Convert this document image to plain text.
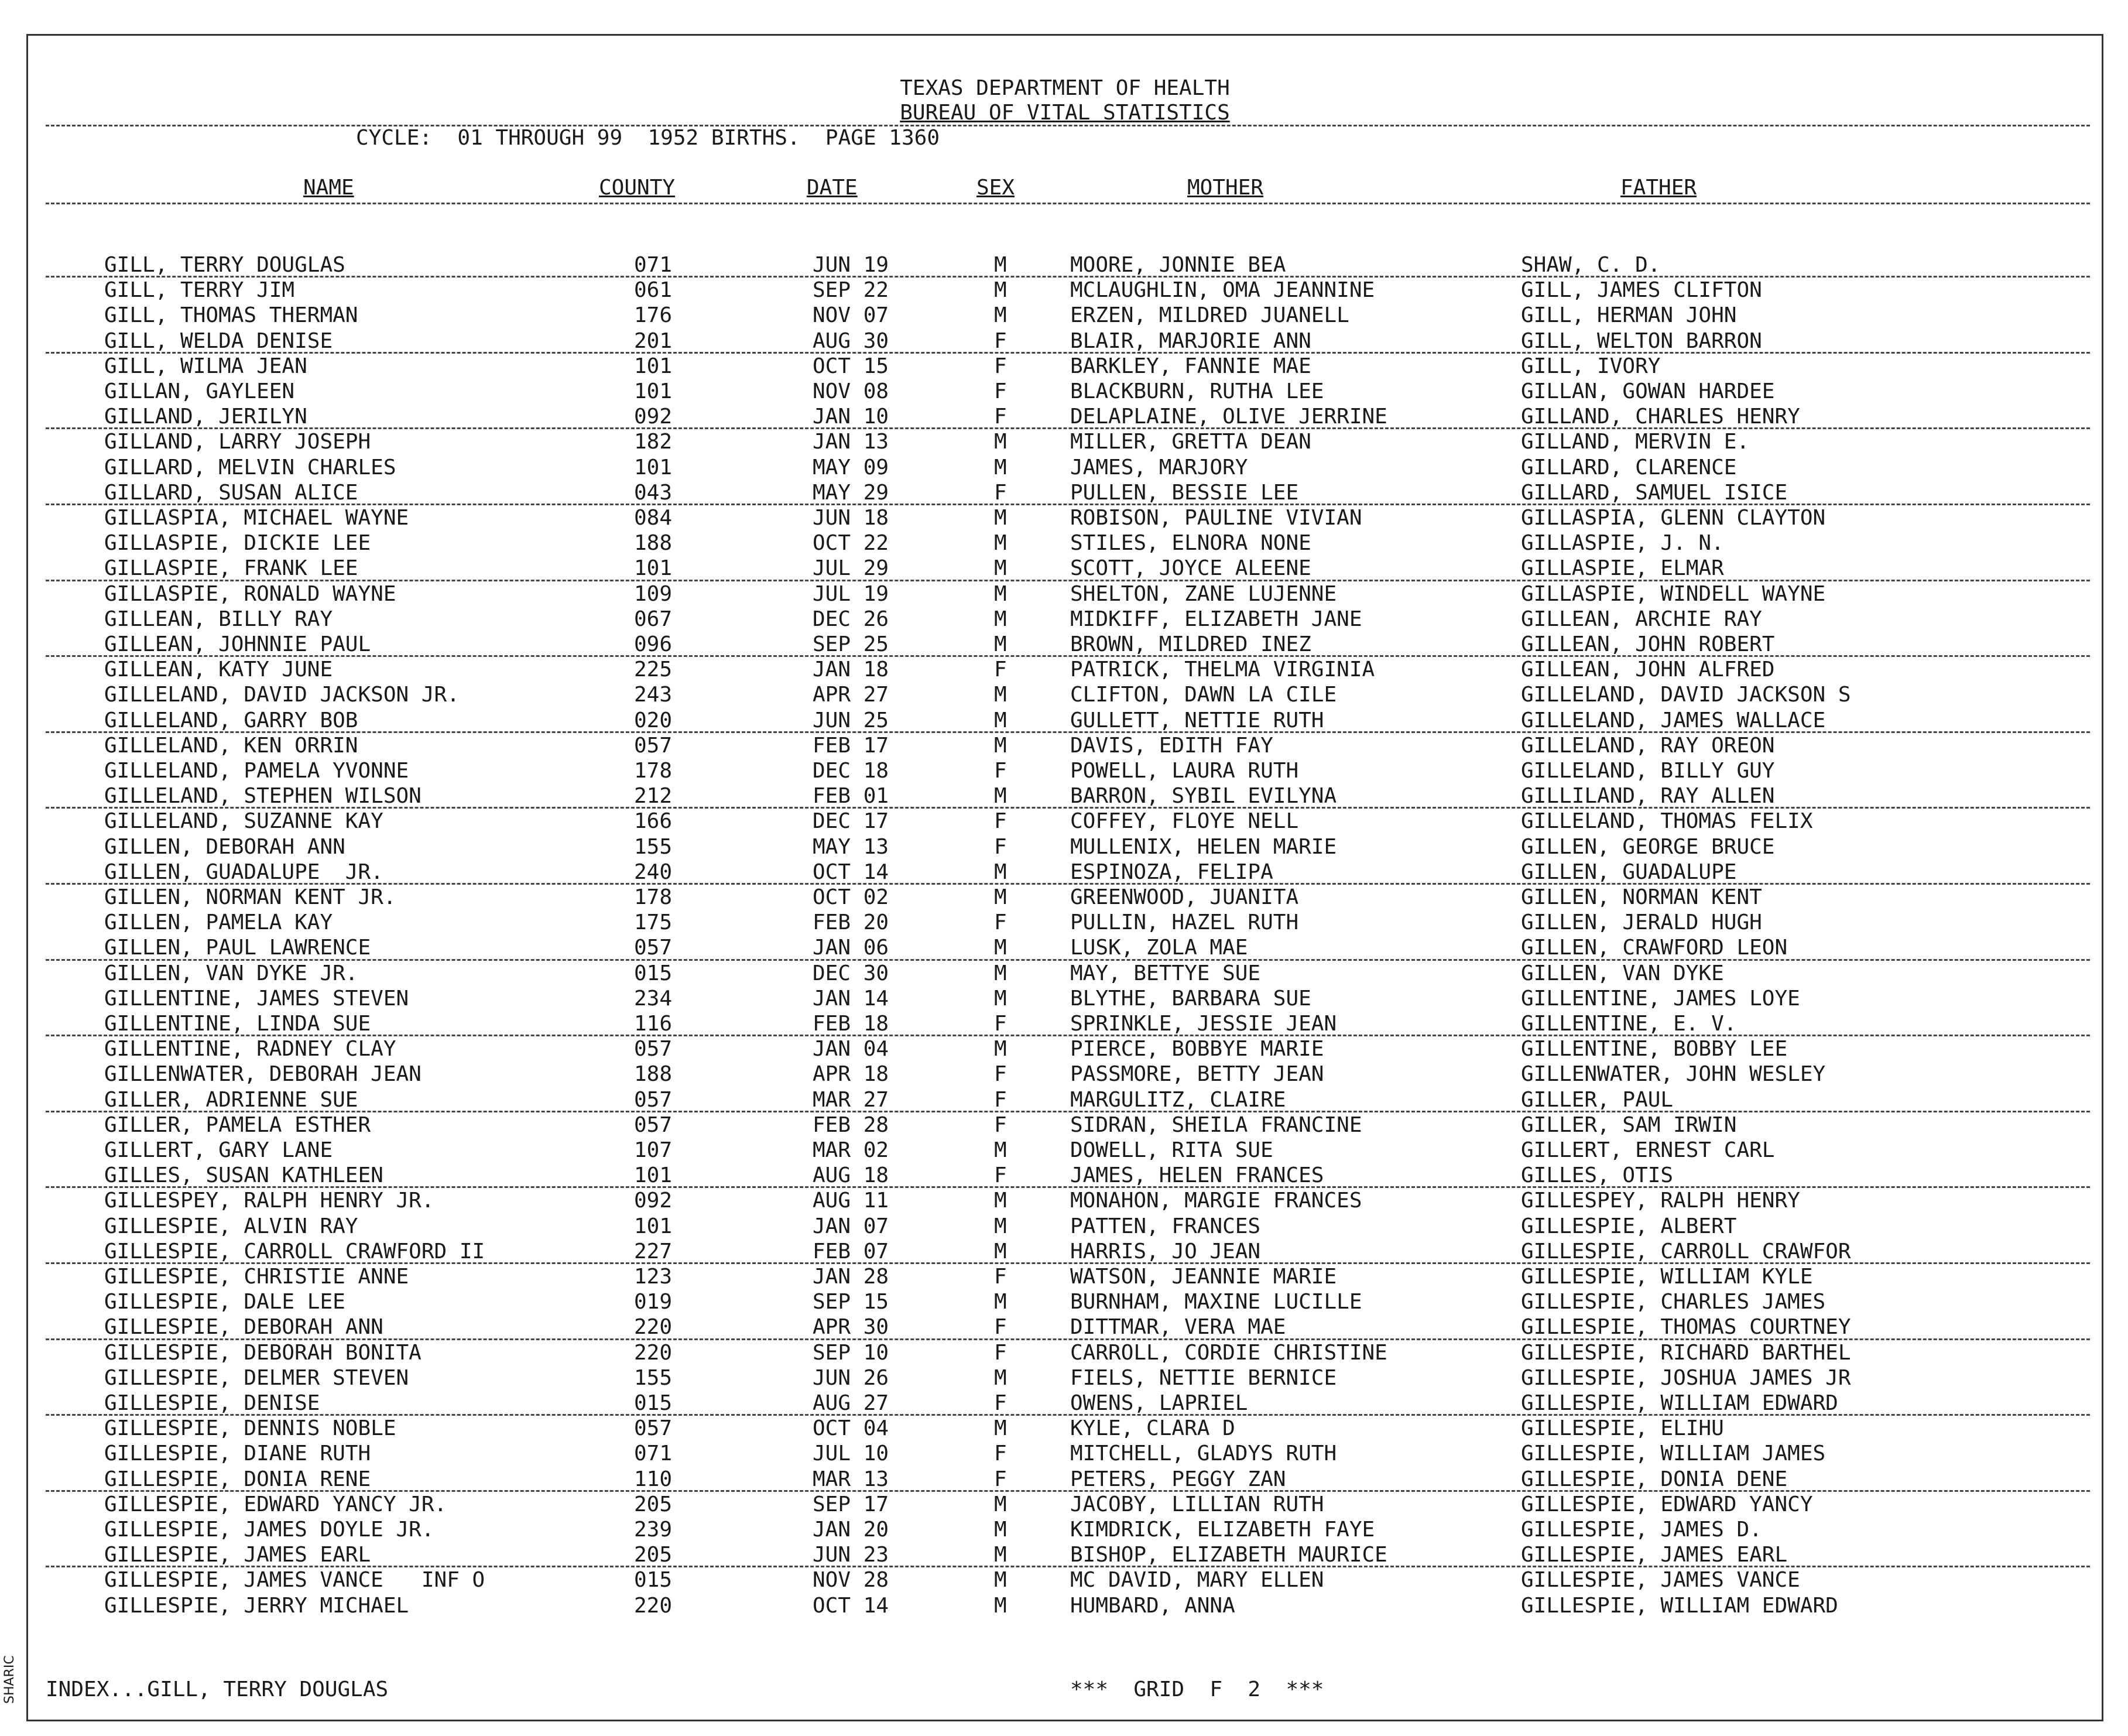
TEXAS DEPARTMENT OF HEALTH
BUREAU OF VITAL STATISTICS
CYCLE:  01 THROUGH 99  1952 BIRTHS.  PAGE 1360
NAME	COUNTY	DATE	SEX	MOTHER	FATHER
GILL, TERRY DOUGLAS	071	JUN 19	M	MOORE, JONNIE BEA	SHAW, C. D.
GILL, TERRY JIM	061	SEP 22	M	MCLAUGHLIN, OMA JEANNINE	GILL, JAMES CLIFTON
GILL, THOMAS THERMAN	176	NOV 07	M	ERZEN, MILDRED JUANELL	GILL, HERMAN JOHN
GILL, WELDA DENISE	201	AUG 30	F	BLAIR, MARJORIE ANN	GILL, WELTON BARRON
GILL, WILMA JEAN	101	OCT 15	F	BARKLEY, FANNIE MAE	GILL, IVORY
GILLAN, GAYLEEN	101	NOV 08	F	BLACKBURN, RUTHA LEE	GILLAN, GOWAN HARDEE
GILLAND, JERILYN	092	JAN 10	F	DELAPLAINE, OLIVE JERRINE	GILLAND, CHARLES HENRY
GILLAND, LARRY JOSEPH	182	JAN 13	M	MILLER, GRETTA DEAN	GILLAND, MERVIN E.
GILLARD, MELVIN CHARLES	101	MAY 09	M	JAMES, MARJORY	GILLARD, CLARENCE
GILLARD, SUSAN ALICE	043	MAY 29	F	PULLEN, BESSIE LEE	GILLARD, SAMUEL ISICE
GILLASPIA, MICHAEL WAYNE	084	JUN 18	M	ROBISON, PAULINE VIVIAN	GILLASPIA, GLENN CLAYTON
GILLASPIE, DICKIE LEE	188	OCT 22	M	STILES, ELNORA NONE	GILLASPIE, J. N.
GILLASPIE, FRANK LEE	101	JUL 29	M	SCOTT, JOYCE ALEENE	GILLASPIE, ELMAR
GILLASPIE, RONALD WAYNE	109	JUL 19	M	SHELTON, ZANE LUJENNE	GILLASPIE, WINDELL WAYNE
GILLEAN, BILLY RAY	067	DEC 26	M	MIDKIFF, ELIZABETH JANE	GILLEAN, ARCHIE RAY
GILLEAN, JOHNNIE PAUL	096	SEP 25	M	BROWN, MILDRED INEZ	GILLEAN, JOHN ROBERT
GILLEAN, KATY JUNE	225	JAN 18	F	PATRICK, THELMA VIRGINIA	GILLEAN, JOHN ALFRED
GILLELAND, DAVID JACKSON JR.	243	APR 27	M	CLIFTON, DAWN LA CILE	GILLELAND, DAVID JACKSON S
GILLELAND, GARRY BOB	020	JUN 25	M	GULLETT, NETTIE RUTH	GILLELAND, JAMES WALLACE
GILLELAND, KEN ORRIN	057	FEB 17	M	DAVIS, EDITH FAY	GILLELAND, RAY OREON
GILLELAND, PAMELA YVONNE	178	DEC 18	F	POWELL, LAURA RUTH	GILLELAND, BILLY GUY
GILLELAND, STEPHEN WILSON	212	FEB 01	M	BARRON, SYBIL EVILYNA	GILLILAND, RAY ALLEN
GILLELAND, SUZANNE KAY	166	DEC 17	F	COFFEY, FLOYE NELL	GILLELAND, THOMAS FELIX
GILLEN, DEBORAH ANN	155	MAY 13	F	MULLENIX, HELEN MARIE	GILLEN, GEORGE BRUCE
GILLEN, GUADALUPE  JR.	240	OCT 14	M	ESPINOZA, FELIPA	GILLEN, GUADALUPE
GILLEN, NORMAN KENT JR.	178	OCT 02	M	GREENWOOD, JUANITA	GILLEN, NORMAN KENT
GILLEN, PAMELA KAY	175	FEB 20	F	PULLIN, HAZEL RUTH	GILLEN, JERALD HUGH
GILLEN, PAUL LAWRENCE	057	JAN 06	M	LUSK, ZOLA MAE	GILLEN, CRAWFORD LEON
GILLEN, VAN DYKE JR.	015	DEC 30	M	MAY, BETTYE SUE	GILLEN, VAN DYKE
GILLENTINE, JAMES STEVEN	234	JAN 14	M	BLYTHE, BARBARA SUE	GILLENTINE, JAMES LOYE
GILLENTINE, LINDA SUE	116	FEB 18	F	SPRINKLE, JESSIE JEAN	GILLENTINE, E. V.
GILLENTINE, RADNEY CLAY	057	JAN 04	M	PIERCE, BOBBYE MARIE	GILLENTINE, BOBBY LEE
GILLENWATER, DEBORAH JEAN	188	APR 18	F	PASSMORE, BETTY JEAN	GILLENWATER, JOHN WESLEY
GILLER, ADRIENNE SUE	057	MAR 27	F	MARGULITZ, CLAIRE	GILLER, PAUL
GILLER, PAMELA ESTHER	057	FEB 28	F	SIDRAN, SHEILA FRANCINE	GILLER, SAM IRWIN
GILLERT, GARY LANE	107	MAR 02	M	DOWELL, RITA SUE	GILLERT, ERNEST CARL
GILLES, SUSAN KATHLEEN	101	AUG 18	F	JAMES, HELEN FRANCES	GILLES, OTIS
GILLESPEY, RALPH HENRY JR.	092	AUG 11	M	MONAHON, MARGIE FRANCES	GILLESPEY, RALPH HENRY
GILLESPIE, ALVIN RAY	101	JAN 07	M	PATTEN, FRANCES	GILLESPIE, ALBERT
GILLESPIE, CARROLL CRAWFORD II	227	FEB 07	M	HARRIS, JO JEAN	GILLESPIE, CARROLL CRAWFOR
GILLESPIE, CHRISTIE ANNE	123	JAN 28	F	WATSON, JEANNIE MARIE	GILLESPIE, WILLIAM KYLE
GILLESPIE, DALE LEE	019	SEP 15	M	BURNHAM, MAXINE LUCILLE	GILLESPIE, CHARLES JAMES
GILLESPIE, DEBORAH ANN	220	APR 30	F	DITTMAR, VERA MAE	GILLESPIE, THOMAS COURTNEY
GILLESPIE, DEBORAH BONITA	220	SEP 10	F	CARROLL, CORDIE CHRISTINE	GILLESPIE, RICHARD BARTHEL
GILLESPIE, DELMER STEVEN	155	JUN 26	M	FIELS, NETTIE BERNICE	GILLESPIE, JOSHUA JAMES JR
GILLESPIE, DENISE	015	AUG 27	F	OWENS, LAPRIEL	GILLESPIE, WILLIAM EDWARD
GILLESPIE, DENNIS NOBLE	057	OCT 04	M	KYLE, CLARA D	GILLESPIE, ELIHU
GILLESPIE, DIANE RUTH	071	JUL 10	F	MITCHELL, GLADYS RUTH	GILLESPIE, WILLIAM JAMES
GILLESPIE, DONIA RENE	110	MAR 13	F	PETERS, PEGGY ZAN	GILLESPIE, DONIA DENE
GILLESPIE, EDWARD YANCY JR.	205	SEP 17	M	JACOBY, LILLIAN RUTH	GILLESPIE, EDWARD YANCY
GILLESPIE, JAMES DOYLE JR.	239	JAN 20	M	KIMDRICK, ELIZABETH FAYE	GILLESPIE, JAMES D.
GILLESPIE, JAMES EARL	205	JUN 23	M	BISHOP, ELIZABETH MAURICE	GILLESPIE, JAMES EARL
GILLESPIE, JAMES VANCE   INF O	015	NOV 28	M	MC DAVID, MARY ELLEN	GILLESPIE, JAMES VANCE
GILLESPIE, JERRY MICHAEL	220	OCT 14	M	HUMBARD, ANNA	GILLESPIE, WILLIAM EDWARD
INDEX...GILL, TERRY DOUGLAS	***  GRID  F  2  ***
SHARIC
